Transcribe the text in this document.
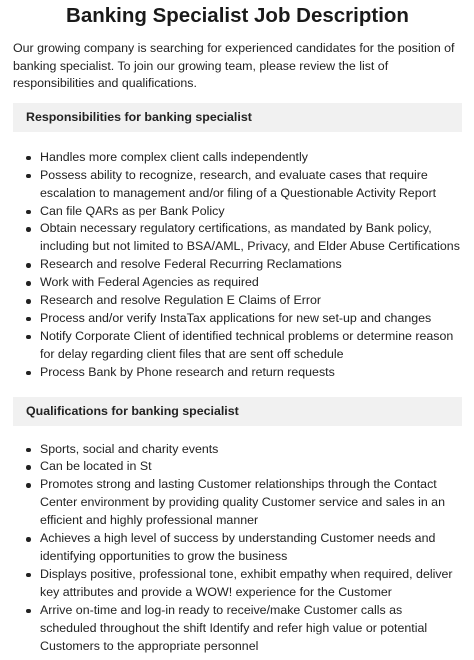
Banking Specialist Job Description

Our growing company is searching for experienced candidates for the position of banking specialist. To join our growing team, please review the list of responsibilities and qualifications.

Responsibilities for banking specialist
Handles more complex client calls independently
Possess ability to recognize, research, and evaluate cases that require escalation to management and/or filing of a Questionable Activity Report
Can file QARs as per Bank Policy
Obtain necessary regulatory certifications, as mandated by Bank policy, including but not limited to BSA/AML, Privacy, and Elder Abuse Certifications
Research and resolve Federal Recurring Reclamations
Work with Federal Agencies as required
Research and resolve Regulation E Claims of Error
Process and/or verify InstaTax applications for new set-up and changes
Notify Corporate Client of identified technical problems or determine reason for delay regarding client files that are sent off schedule
Process Bank by Phone research and return requests
Qualifications for banking specialist
Sports, social and charity events
Can be located in St
Promotes strong and lasting Customer relationships through the Contact Center environment by providing quality Customer service and sales in an efficient and highly professional manner
Achieves a high level of success by understanding Customer needs and identifying opportunities to grow the business
Displays positive, professional tone, exhibit empathy when required, deliver key attributes and provide a WOW! experience for the Customer
Arrive on-time and log-in ready to receive/make Customer calls as scheduled throughout the shift Identify and refer high value or potential Customers to the appropriate personnel
